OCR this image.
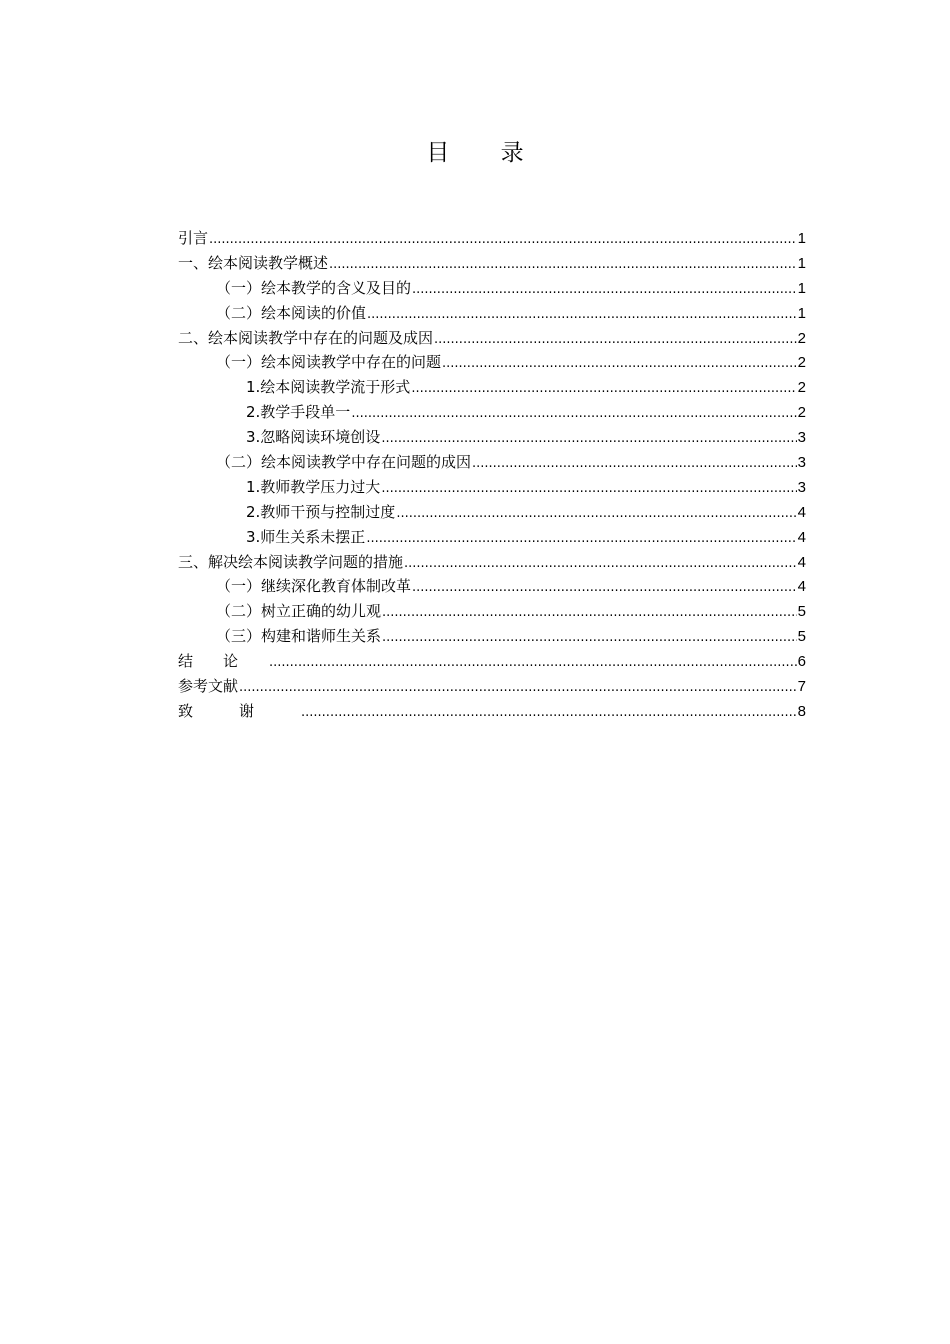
目 录
引言 .....	1
一、绘本阅读教学概述 .....	1
（一）绘本教学的含义及目的 .....	1
（二）绘本阅读的价值 .....	1
二、绘本阅读教学中存在的问题及成因 .....	2
（一）绘本阅读教学中存在的问题 .....	2
1.绘本阅读教学流于形式 .....	2
2.教学手段单一 .....	2
3.忽略阅读环境创设 .....	3
（二）绘本阅读教学中存在问题的成因 .....	3
1.教师教学压力过大 .....	3
2.教师干预与控制过度 .....	4
3.师生关系未摆正 .....	4
三、解决绘本阅读教学问题的措施 .....	4
（一）继续深化教育体制改革 .....	4
（二）树立正确的幼儿观 .....	5
（三）构建和谐师生关系 .....	5
结论 .....	6
参考文献 .....	7
致谢 .....	8
